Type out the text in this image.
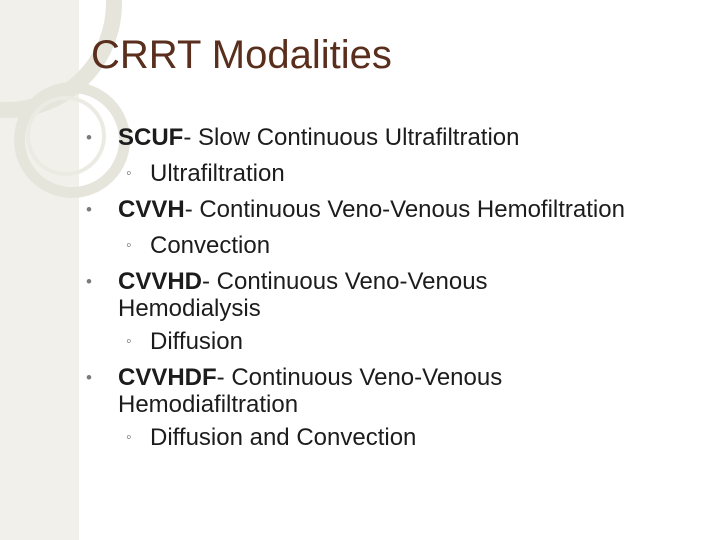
CRRT Modalities
• SCUF- Slow Continuous Ultrafiltration
◦ Ultrafiltration
• CVVH- Continuous Veno-Venous Hemofiltration
◦ Convection
• CVVHD- Continuous Veno-Venous
Hemodialysis
◦ Diffusion
• CVVHDF- Continuous Veno-Venous
Hemodiafiltration
◦ Diffusion and Convection
